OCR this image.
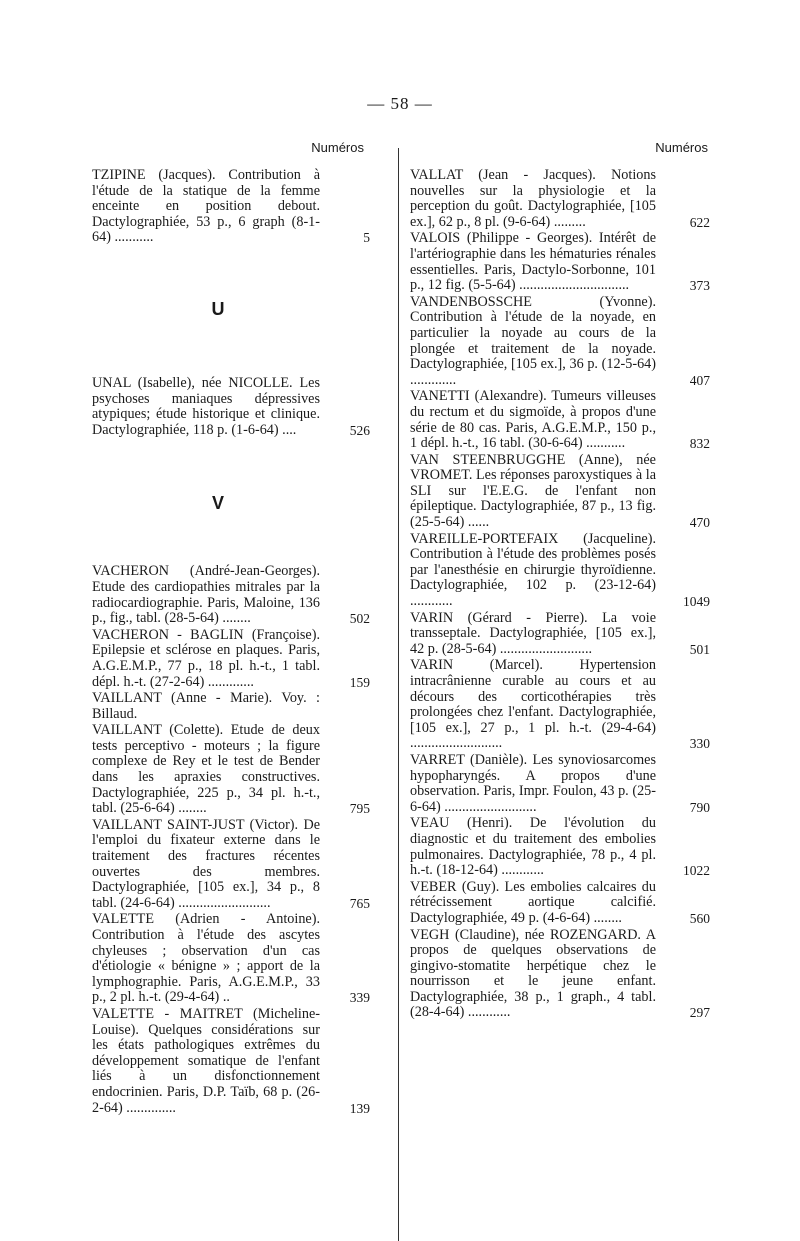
— 58 —
Numéros
TZIPINE (Jacques). Contribution à l'étude de la statique de la femme enceinte en position debout. Dactylographiée, 53 p., 6 graph (8-1-64) ...........	5
U
UNAL (Isabelle), née NICOLLE. Les psychoses maniaques dépressives atypiques; étude historique et clinique. Dactylographiée, 118 p. (1-6-64) ....	526
V
VACHERON (André-Jean-Georges). Etude des cardiopathies mitrales par la radiocardiographie. Paris, Maloine, 136 p., fig., tabl. (28-5-64) ........	502
VACHERON - BAGLIN (Françoise). Epilepsie et sclérose en plaques. Paris, A.G.E.M.P., 77 p., 18 pl. h.-t., 1 tabl. dépl. h.-t. (27-2-64) .............	159
VAILLANT (Anne - Marie). Voy. : Billaud.
VAILLANT (Colette). Etude de deux tests perceptivo - moteurs ; la figure complexe de Rey et le test de Bender dans les apraxies constructives. Dactylographiée, 225 p., 34 pl. h.-t., tabl. (25-6-64) ........	795
VAILLANT SAINT-JUST (Victor). De l'emploi du fixateur externe dans le traitement des fractures récentes ouvertes des membres. Dactylographiée, [105 ex.], 34 p., 8 tabl. (24-6-64) ..........................	765
VALETTE (Adrien - Antoine). Contribution à l'étude des ascytes chyleuses ; observation d'un cas d'étiologie « bénigne » ; apport de la lymphographie. Paris, A.G.E.M.P., 33 p., 2 pl. h.-t. (29-4-64) ..	339
VALETTE - MAITRET (Micheline-Louise). Quelques considérations sur les états pathologiques extrêmes du développement somatique de l'enfant liés à un disfonctionnement endocrinien. Paris, D.P. Taïb, 68 p. (26-2-64) ..............	139
Numéros
VALLAT (Jean - Jacques). Notions nouvelles sur la physiologie et la perception du goût. Dactylographiée, [105 ex.], 62 p., 8 pl. (9-6-64) .........	622
VALOIS (Philippe - Georges). Intérêt de l'artériographie dans les hématuries rénales essentielles. Paris, Dactylo-Sorbonne, 101 p., 12 fig. (5-5-64) ...............................	373
VANDENBOSSCHE (Yvonne). Contribution à l'étude de la noyade, en particulier la noyade au cours de la plongée et traitement de la noyade. Dactylographiée, [105 ex.], 36 p. (12-5-64) .............	407
VANETTI (Alexandre). Tumeurs villeuses du rectum et du sigmoïde, à propos d'une série de 80 cas. Paris, A.G.E.M.P., 150 p., 1 dépl. h.-t., 16 tabl. (30-6-64) ...........	832
VAN STEENBRUGGHE (Anne), née VROMET. Les réponses paroxystiques à la SLI sur l'E.E.G. de l'enfant non épileptique. Dactylographiée, 87 p., 13 fig. (25-5-64) ......	470
VAREILLE-PORTEFAIX (Jacqueline). Contribution à l'étude des problèmes posés par l'anesthésie en chirurgie thyroïdienne. Dactylographiée, 102 p. (23-12-64) ............	1049
VARIN (Gérard - Pierre). La voie transseptale. Dactylographiée, [105 ex.], 42 p. (28-5-64) ..........................	501
VARIN (Marcel). Hypertension intracrânienne curable au cours et au décours des corticothérapies très prolongées chez l'enfant. Dactylographiée, [105 ex.], 27 p., 1 pl. h.-t. (29-4-64) ..........................	330
VARRET (Danièle). Les synoviosarcomes hypopharyngés. A propos d'une observation. Paris, Impr. Foulon, 43 p. (25-6-64) ..........................	790
VEAU (Henri). De l'évolution du diagnostic et du traitement des embolies pulmonaires. Dactylographiée, 78 p., 4 pl. h.-t. (18-12-64) ............	1022
VEBER (Guy). Les embolies calcaires du rétrécissement aortique calcifié. Dactylographiée, 49 p. (4-6-64) ........	560
VEGH (Claudine), née ROZENGARD. A propos de quelques observations de gingivo-stomatite herpétique chez le nourrisson et le jeune enfant. Dactylographiée, 38 p., 1 graph., 4 tabl. (28-4-64) ............	297
